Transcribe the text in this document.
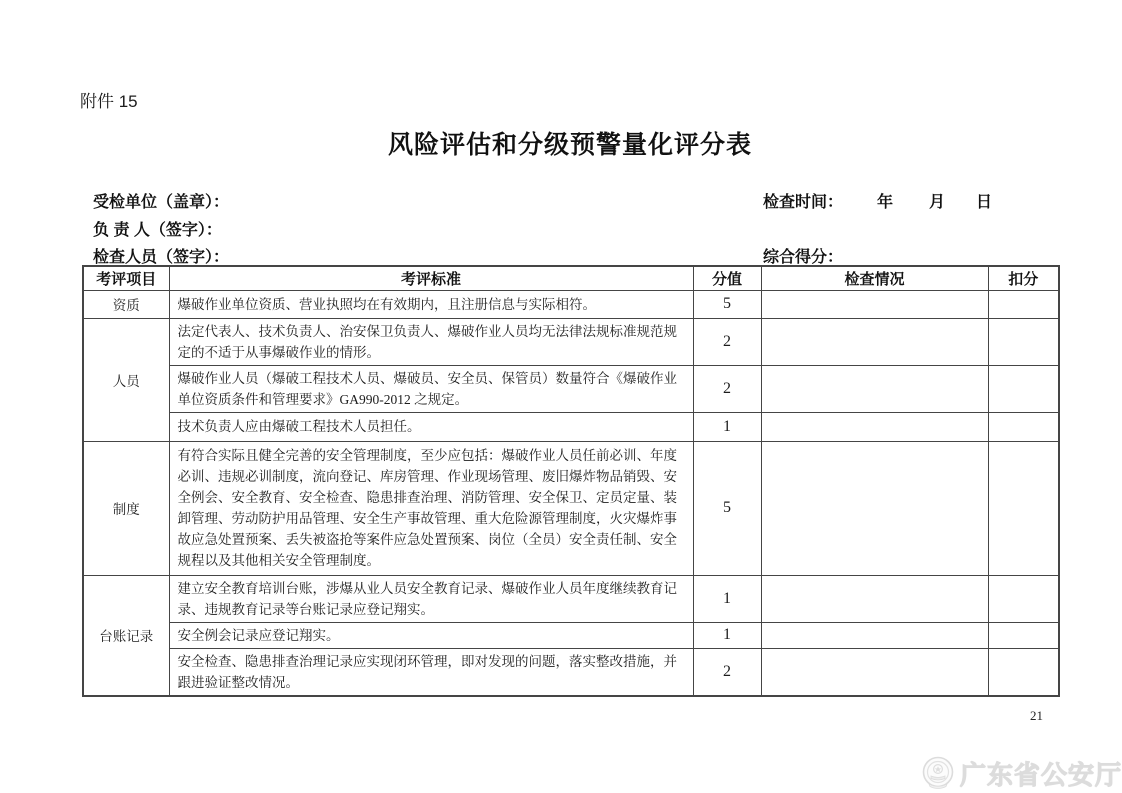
附件 15
风险评估和分级预警量化评分表
受检单位（盖章）：	检查时间： 年 月 日
负 责 人（签字）：
检查人员（签字）：	综合得分：
考评项目	考评标准	分值	检查情况	扣分
资质	爆破作业单位资质、营业执照均在有效期内，且注册信息与实际相符。	5		
人员	法定代表人、技术负责人、治安保卫负责人、爆破作业人员均无法律法规标准规范规定的不适于从事爆破作业的情形。	2		
	爆破作业人员（爆破工程技术人员、爆破员、安全员、保管员）数量符合《爆破作业单位资质条件和管理要求》GA990-2012 之规定。	2		
	技术负责人应由爆破工程技术人员担任。	1		
制度	有符合实际且健全完善的安全管理制度，至少应包括：爆破作业人员任前必训、年度必训、违规必训制度，流向登记、库房管理、作业现场管理、废旧爆炸物品销毁、安全例会、安全教育、安全检查、隐患排查治理、消防管理、安全保卫、定员定量、装卸管理、劳动防护用品管理、安全生产事故管理、重大危险源管理制度，火灾爆炸事故应急处置预案、丢失被盗抢等案件应急处置预案、岗位（全员）安全责任制、安全规程以及其他相关安全管理制度。	5		
台账记录	建立安全教育培训台账，涉爆从业人员安全教育记录、爆破作业人员年度继续教育记录、违规教育记录等台账记录应登记翔实。	1		
	安全例会记录应登记翔实。	1		
	安全检查、隐患排查治理记录应实现闭环管理，即对发现的问题，落实整改措施，并跟进验证整改情况。	2		
21
广东省公安厅
